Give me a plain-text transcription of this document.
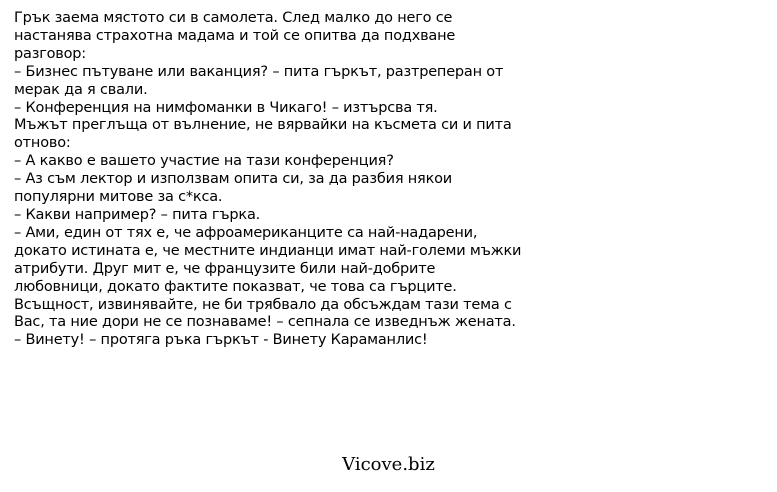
Грък заема мястото си в самолета. След малко до него се
настанява страхотна мадама и той се опитва да подхване
разговор:
– Бизнес пътуване или ваканция? – пита гъркът, разтреперан от
мерак да я свали.
– Конференция на нимфоманки в Чикаго! – изтърсва тя.
Мъжът преглъща от вълнение, не вярвайки на късмета си и пита
отново:
– А какво е вашето участие на тази конференция?
– Аз съм лектор и използвам опита си, за да разбия някои
популярни митове за с*кса.
– Какви например? – пита гърка.
– Ами, един от тях е, че афроамериканците са най-надарени,
докато истината е, че местните индианци имат най-големи мъжки
атрибути. Друг мит е, че французите били най-добрите
любовници, докато фактите показват, че това са гърците.
Всъщност, извинявайте, не би трябвало да обсъждам тази тема с
Вас, та ние дори не се познаваме! – сепнала се изведнъж жената.
– Винету! – протяга ръка гъркът - Винету Караманлис!
Vicove.biz
